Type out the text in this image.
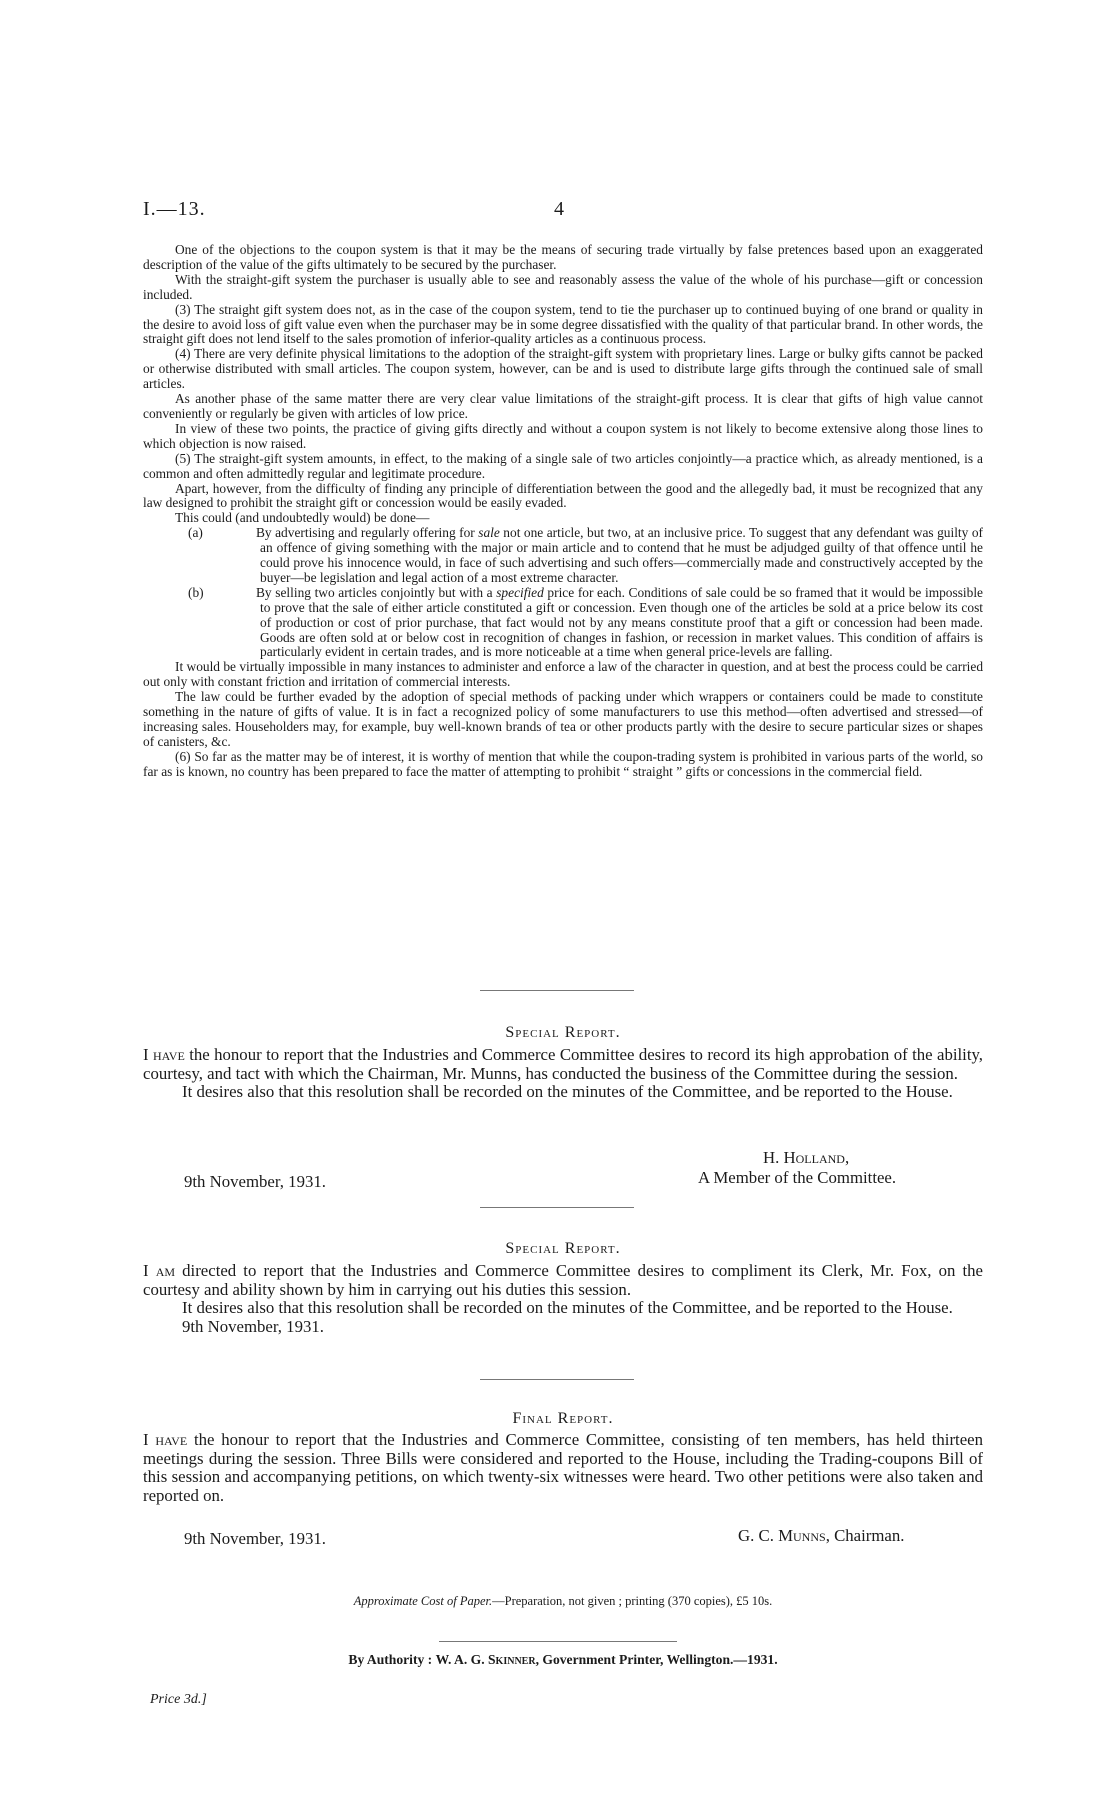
I.—13.	4

One of the objections to the coupon system is that it may be the means of securing trade virtually by false pretences based upon an exaggerated description of the value of the gifts ultimately to be secured by the purchaser.

With the straight-gift system the purchaser is usually able to see and reasonably assess the value of the whole of his purchase—gift or concession included.

(3) The straight gift system does not, as in the case of the coupon system, tend to tie the purchaser up to continued buying of one brand or quality in the desire to avoid loss of gift value even when the purchaser may be in some degree dissatisfied with the quality of that particular brand. In other words, the straight gift does not lend itself to the sales promotion of inferior-quality articles as a continuous process.

(4) There are very definite physical limitations to the adoption of the straight-gift system with proprietary lines. Large or bulky gifts cannot be packed or otherwise distributed with small articles. The coupon system, however, can be and is used to distribute large gifts through the continued sale of small articles.

As another phase of the same matter there are very clear value limitations of the straight-gift process. It is clear that gifts of high value cannot conveniently or regularly be given with articles of low price.

In view of these two points, the practice of giving gifts directly and without a coupon system is not likely to become extensive along those lines to which objection is now raised.

(5) The straight-gift system amounts, in effect, to the making of a single sale of two articles conjointly—a practice which, as already mentioned, is a common and often admittedly regular and legitimate procedure.

Apart, however, from the difficulty of finding any principle of differentiation between the good and the allegedly bad, it must be recognized that any law designed to prohibit the straight gift or concession would be easily evaded.

This could (and undoubtedly would) be done—

(a)	By advertising and regularly offering for sale not one article, but two, at an inclusive price. To suggest that any defendant was guilty of an offence of giving something with the major or main article and to contend that he must be adjudged guilty of that offence until he could prove his innocence would, in face of such advertising and such offers—commercially made and constructively accepted by the buyer—be legislation and legal action of a most extreme character.

(b)	By selling two articles conjointly but with a specified price for each. Conditions of sale could be so framed that it would be impossible to prove that the sale of either article constituted a gift or concession. Even though one of the articles be sold at a price below its cost of production or cost of prior purchase, that fact would not by any means constitute proof that a gift or concession had been made. Goods are often sold at or below cost in recognition of changes in fashion, or recession in market values. This condition of affairs is particularly evident in certain trades, and is more noticeable at a time when general price-levels are falling.

It would be virtually impossible in many instances to administer and enforce a law of the character in question, and at best the process could be carried out only with constant friction and irritation of commercial interests.

The law could be further evaded by the adoption of special methods of packing under which wrappers or containers could be made to constitute something in the nature of gifts of value. It is in fact a recognized policy of some manufacturers to use this method—often advertised and stressed—of increasing sales. Householders may, for example, buy well-known brands of tea or other products partly with the desire to secure particular sizes or shapes of canisters, &c.

(6) So far as the matter may be of interest, it is worthy of mention that while the coupon-trading system is prohibited in various parts of the world, so far as is known, no country has been prepared to face the matter of attempting to prohibit “ straight ” gifts or concessions in the commercial field.

Special Report.

I have the honour to report that the Industries and Commerce Committee desires to record its high approbation of the ability, courtesy, and tact with which the Chairman, Mr. Munns, has conducted the business of the Committee during the session.

It desires also that this resolution shall be recorded on the minutes of the Committee, and be reported to the House.

H. Holland,
9th November, 1931.	A Member of the Committee.
Special Report.

I am directed to report that the Industries and Commerce Committee desires to compliment its Clerk, Mr. Fox, on the courtesy and ability shown by him in carrying out his duties this session.

It desires also that this resolution shall be recorded on the minutes of the Committee, and be reported to the House.

9th November, 1931.

Final Report.

I have the honour to report that the Industries and Commerce Committee, consisting of ten members, has held thirteen meetings during the session. Three Bills were considered and reported to the House, including the Trading-coupons Bill of this session and accompanying petitions, on which twenty-six witnesses were heard. Two other petitions were also taken and reported on.

9th November, 1931.	G. C. Munns, Chairman.
Approximate Cost of Paper.—Preparation, not given ; printing (370 copies), £5 10s.
By Authority : W. A. G. Skinner, Government Printer, Wellington.—1931.
Price 3d.]
